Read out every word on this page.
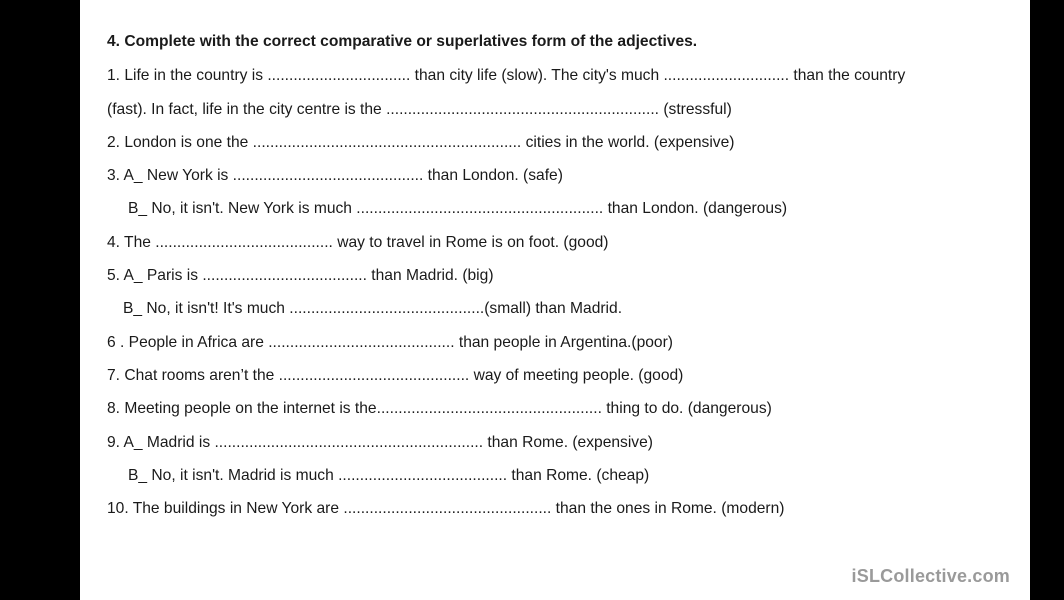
4. Complete with the correct comparative or superlatives form of the adjectives.
1. Life in the country is ................................. than city life (slow). The city's much ............................. than the country
(fast). In fact, life in the city centre is the ............................................................... (stressful)
2. London is one the .............................................................. cities in the world. (expensive)
3. A_ New York is ............................................ than London. (safe)
B_ No, it isn't. New York is much ......................................................... than London. (dangerous)
4. The ......................................... way to travel in Rome is on foot. (good)
5. A_ Paris is ...................................... than Madrid. (big)
B_ No, it isn't! It's much .............................................(small) than Madrid.
6 . People in Africa are ........................................... than people in Argentina.(poor)
7. Chat rooms aren’t the ............................................ way of meeting people. (good)
8. Meeting people on the internet is the.................................................... thing to do. (dangerous)
9. A_ Madrid is .............................................................. than Rome. (expensive)
B_ No, it isn't. Madrid is much ....................................... than Rome. (cheap)
10. The buildings in New York are ................................................ than the ones in Rome. (modern)
iSLCollective.com
